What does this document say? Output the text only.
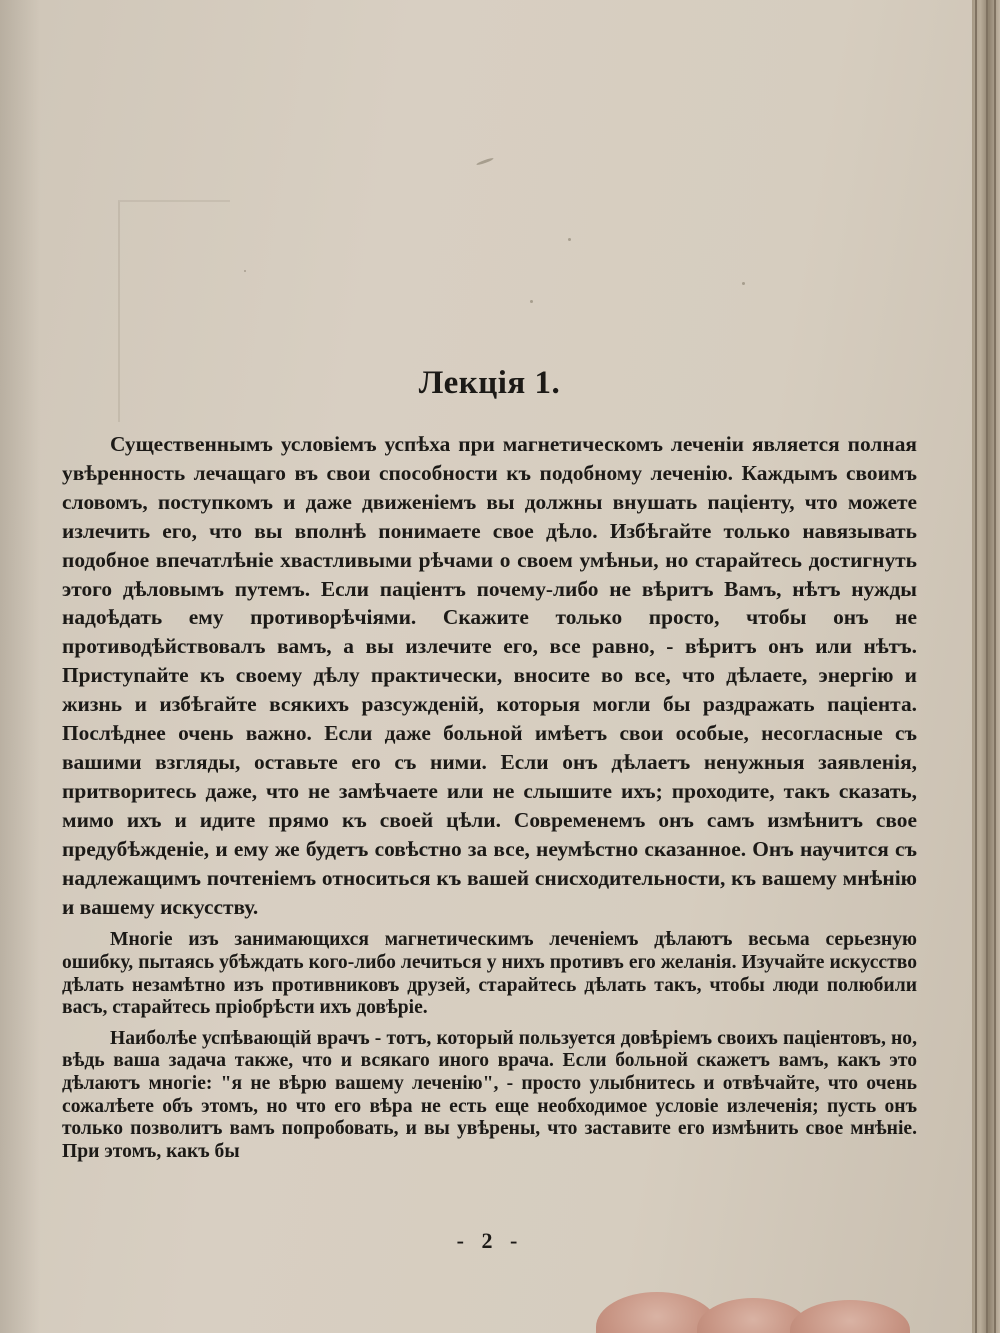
Лекція 1.

Существеннымъ условіемъ успѣха при магнетическомъ леченіи является полная увѣренность лечащаго въ свои способности къ подобному леченію. Каждымъ своимъ словомъ, поступкомъ и даже движеніемъ вы должны внушать пацiенту, что можете излечить его, что вы вполнѣ понимаете свое дѣло. Избѣгайте только навязывать подобное впечатлѣніе хвастливыми рѣчами о своем умѣньи, но старайтесь достигнуть этого дѣловымъ путемъ. Если пацiентъ почему-либо не вѣритъ Вамъ, нѣтъ нужды надоѣдать ему противорѣчіями. Скажите только просто, чтобы онъ не противодѣйствовалъ вамъ, а вы излечите его, все равно, - вѣритъ онъ или нѣтъ. Приступайте къ своему дѣлу практически, вносите во все, что дѣлаете, энергію и жизнь и избѣгайте всякихъ разсужденій, которыя могли бы раздражать пацiента. Послѣднее очень важно. Если даже больной имѣетъ свои особые, несогласные съ вашими взгляды, оставьте его съ ними. Если онъ дѣлаетъ ненужныя заявленія, притворитесь даже, что не замѣчаете или не слышите ихъ; проходите, такъ сказать, мимо ихъ и идите прямо къ своей цѣли. Современемъ онъ самъ измѣнитъ свое предубѣжденіе, и ему же будетъ совѣстно за все, неумѣстно сказанное. Онъ научится съ надлежащимъ почтеніемъ относиться къ вашей снисходительности, къ вашему мнѣнію и вашему искусству.

Многіе изъ занимающихся магнетическимъ леченіемъ дѣлаютъ весьма серьезную ошибку, пытаясь убѣждать кого-либо лечиться у нихъ противъ его желанія. Изучайте искусство дѣлать незамѣтно изъ противниковъ друзей, старайтесь дѣлать такъ, чтобы люди полюбили васъ, старайтесь пріобрѣсти ихъ довѣріе.

Наиболѣе успѣвающій врачъ - тотъ, который пользуется довѣріемъ своихъ пацiентовъ, но, вѣдь ваша задача также, что и всякаго иного врача. Если больной скажетъ вамъ, какъ это дѣлаютъ многіе: "я не вѣрю вашему леченію", - просто улыбнитесь и отвѣчайте, что очень сожалѣете объ этомъ, но что его вѣра не есть еще необходимое условіе излеченія; пусть онъ только позволитъ вамъ попробовать, и вы увѣрены, что заставите его измѣнить свое мнѣніе. При этомъ, какъ бы

- 2 -
